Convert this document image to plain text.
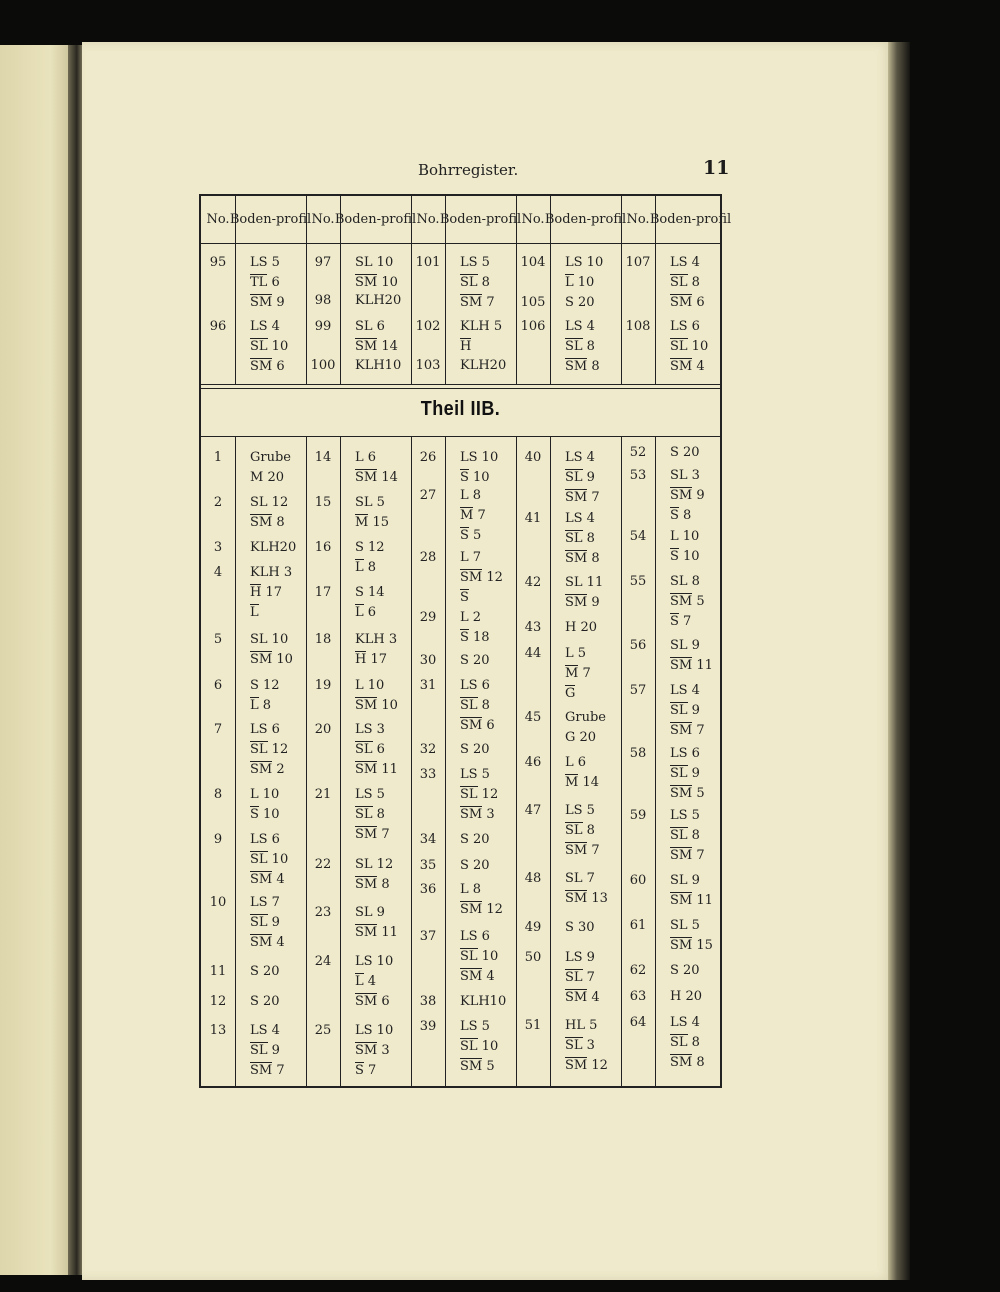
Bohrregister.	11
No. Boden- profil No. Boden- profil No. Boden- profil No. Boden- profil No. Boden- profil
Theil IIB.
95	LS 5
TL 6
SM 9
96	LS 4
SL 10
SM 6
97	SL 10
SM 10
98	KLH20
99	SL 6
SM 14
100 KLH10
101 LS 5
SL 8
SM 7
102 KLH 5
H
103 KLH20
104 LS 10
L 10
105 S 20
106 LS 4
SL 8
SM 8
107 LS 4
SL 8
SM 6
108 LS 6
SL 10
SM 4
1	Grube
M 20
2	SL 12
SM 8
3	KLH20
4	KLH 3
H 17
L
5	SL 10
SM 10
6	S 12
L 8
7	LS 6
SL 12
SM 2
8	L 10
S 10
9	LS 6
SL 10
SM 4
10	LS 7
SL 9
SM 4
11	S 20
12	S 20
13	LS 4
SL 9
SM 7
14	L 6
SM 14
15	SL 5
M 15
16	S 12
L 8
17	S 14
L 6
18	KLH 3
H 17
19	L 10
SM 10
20	LS 3
SL 6
SM 11
21	LS 5
SL 8
SM 7
22	SL 12
SM 8
23	SL 9
SM 11
24	LS 10
L 4
SM 6
25	LS 10
SM 3
S 7
26	LS 10
S 10
27	L 8
M 7
S 5
28	L 7
SM 12
S
29	L 2
S 18
30	S 20
31	LS 6
SL 8
SM 6
32	S 20
33	LS 5
SL 12
SM 3
34	S 20
35	S 20
36	L 8
SM 12
37	LS 6
SL 10
SM 4
38	KLH10
39	LS 5
SL 10
SM 5
40	LS 4
SL 9
SM 7
41	LS 4
SL 8
SM 8
42	SL 11
SM 9
43	H 20
44	L 5
M 7
G
45	Grube
G 20
46	L 6
M 14
47	LS 5
SL 8
SM 7
48	SL 7
SM 13
49	S 30
50	LS 9
SL 7
SM 4
51	HL 5
SL 3
SM 12
52	S 20
53	SL 3
SM 9
S 8
54	L 10
S 10
55	SL 8
SM 5
S 7
56	SL 9
SM 11
57	LS 4
SL 9
SM 7
58	LS 6
SL 9
SM 5
59	LS 5
SL 8
SM 7
60	SL 9
SM 11
61	SL 5
SM 15
62	S 20
63	H 20
64	LS 4
SL 8
SM 8
